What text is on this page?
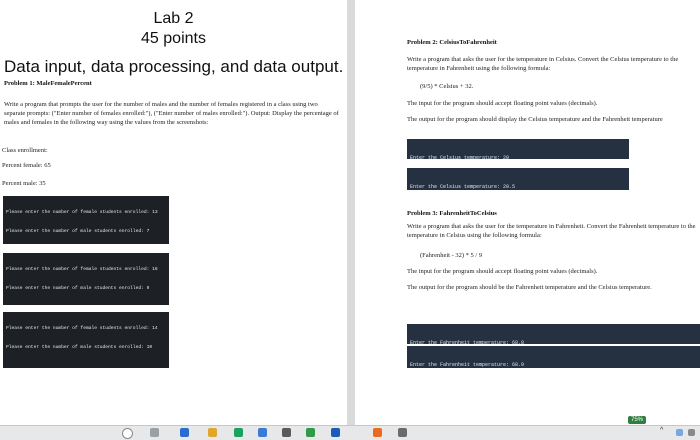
Lab 2
45 points
Data input, data processing, and data output.
Problem 1: MaleFemalePercent
Write a program that prompts the user for the number of males and the number of females registered in a class using two separate prompts: ("Enter number of females enrolled:"), ("Enter number of males enrolled:"). Output: Display the percentage of males and females in the following way using the values from the screenshots:
Class enrollment:
Percent female: 65
Percent male: 35

Please enter the number of female students enrolled: 13

Please enter the number of male students enrolled: 7

Please enter the number of female students enrolled: 18

Please enter the number of male students enrolled: 9

Please enter the number of female students enrolled: 14

Please enter the number of male students enrolled: 10

Problem 2: CelsiusToFahrenheit
Write a program that asks the user for the temperature in Celsius. Convert the Celsius temperature to the temperature in Fahrenheit using the following formula:
(9/5) * Celsius + 32.
The input for the program should accept floating point values (decimals).
The output for the program should display the Celsius temperature and the Fahrenheit temperature

Enter the Celsius temperature: 20

Enter the Celsius temperature: 20.5

Problem 3: FahrenheitToCelsius
Write a program that asks the user for the temperature in Fahrenheit. Convert the Fahrenheit temperature to the temperature in Celsius using the following formula:
(Fahrenheit - 32) * 5 / 9
The input for the program should accept floating point values (decimals).
The output for the program should be the Fahrenheit temperature and the Celsius temperature.

Enter the Fahrenheit temperature: 68.8

Enter the Fahrenheit temperature: 68.9

75%
^
